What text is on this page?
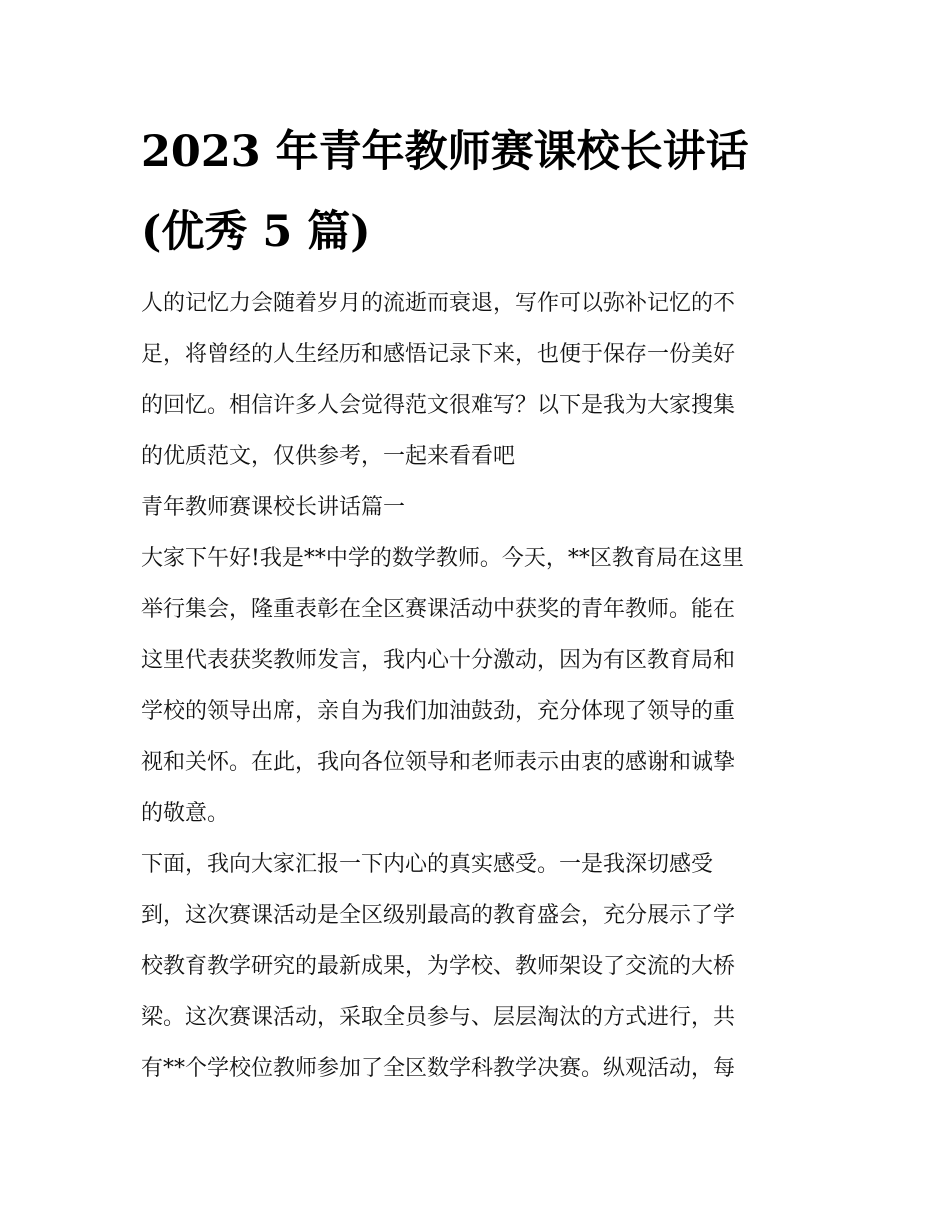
2023 年青年教师赛课校长讲话
(优秀 5 篇)
人的记忆力会随着岁月的流逝而衰退，写作可以弥补记忆的不
足，将曾经的人生经历和感悟记录下来，也便于保存一份美好
的回忆。相信许多人会觉得范文很难写？以下是我为大家搜集
的优质范文，仅供参考，一起来看看吧
青年教师赛课校长讲话篇一
大家下午好!我是**中学的数学教师。今天，**区教育局在这里
举行集会，隆重表彰在全区赛课活动中获奖的青年教师。能在
这里代表获奖教师发言，我内心十分激动，因为有区教育局和
学校的领导出席，亲自为我们加油鼓劲，充分体现了领导的重
视和关怀。在此，我向各位领导和老师表示由衷的感谢和诚挚
的敬意。
下面，我向大家汇报一下内心的真实感受。一是我深切感受
到，这次赛课活动是全区级别最高的教育盛会，充分展示了学
校教育教学研究的最新成果，为学校、教师架设了交流的大桥
梁。这次赛课活动，采取全员参与、层层淘汰的方式进行，共
有**个学校位教师参加了全区数学科教学决赛。纵观活动，每
